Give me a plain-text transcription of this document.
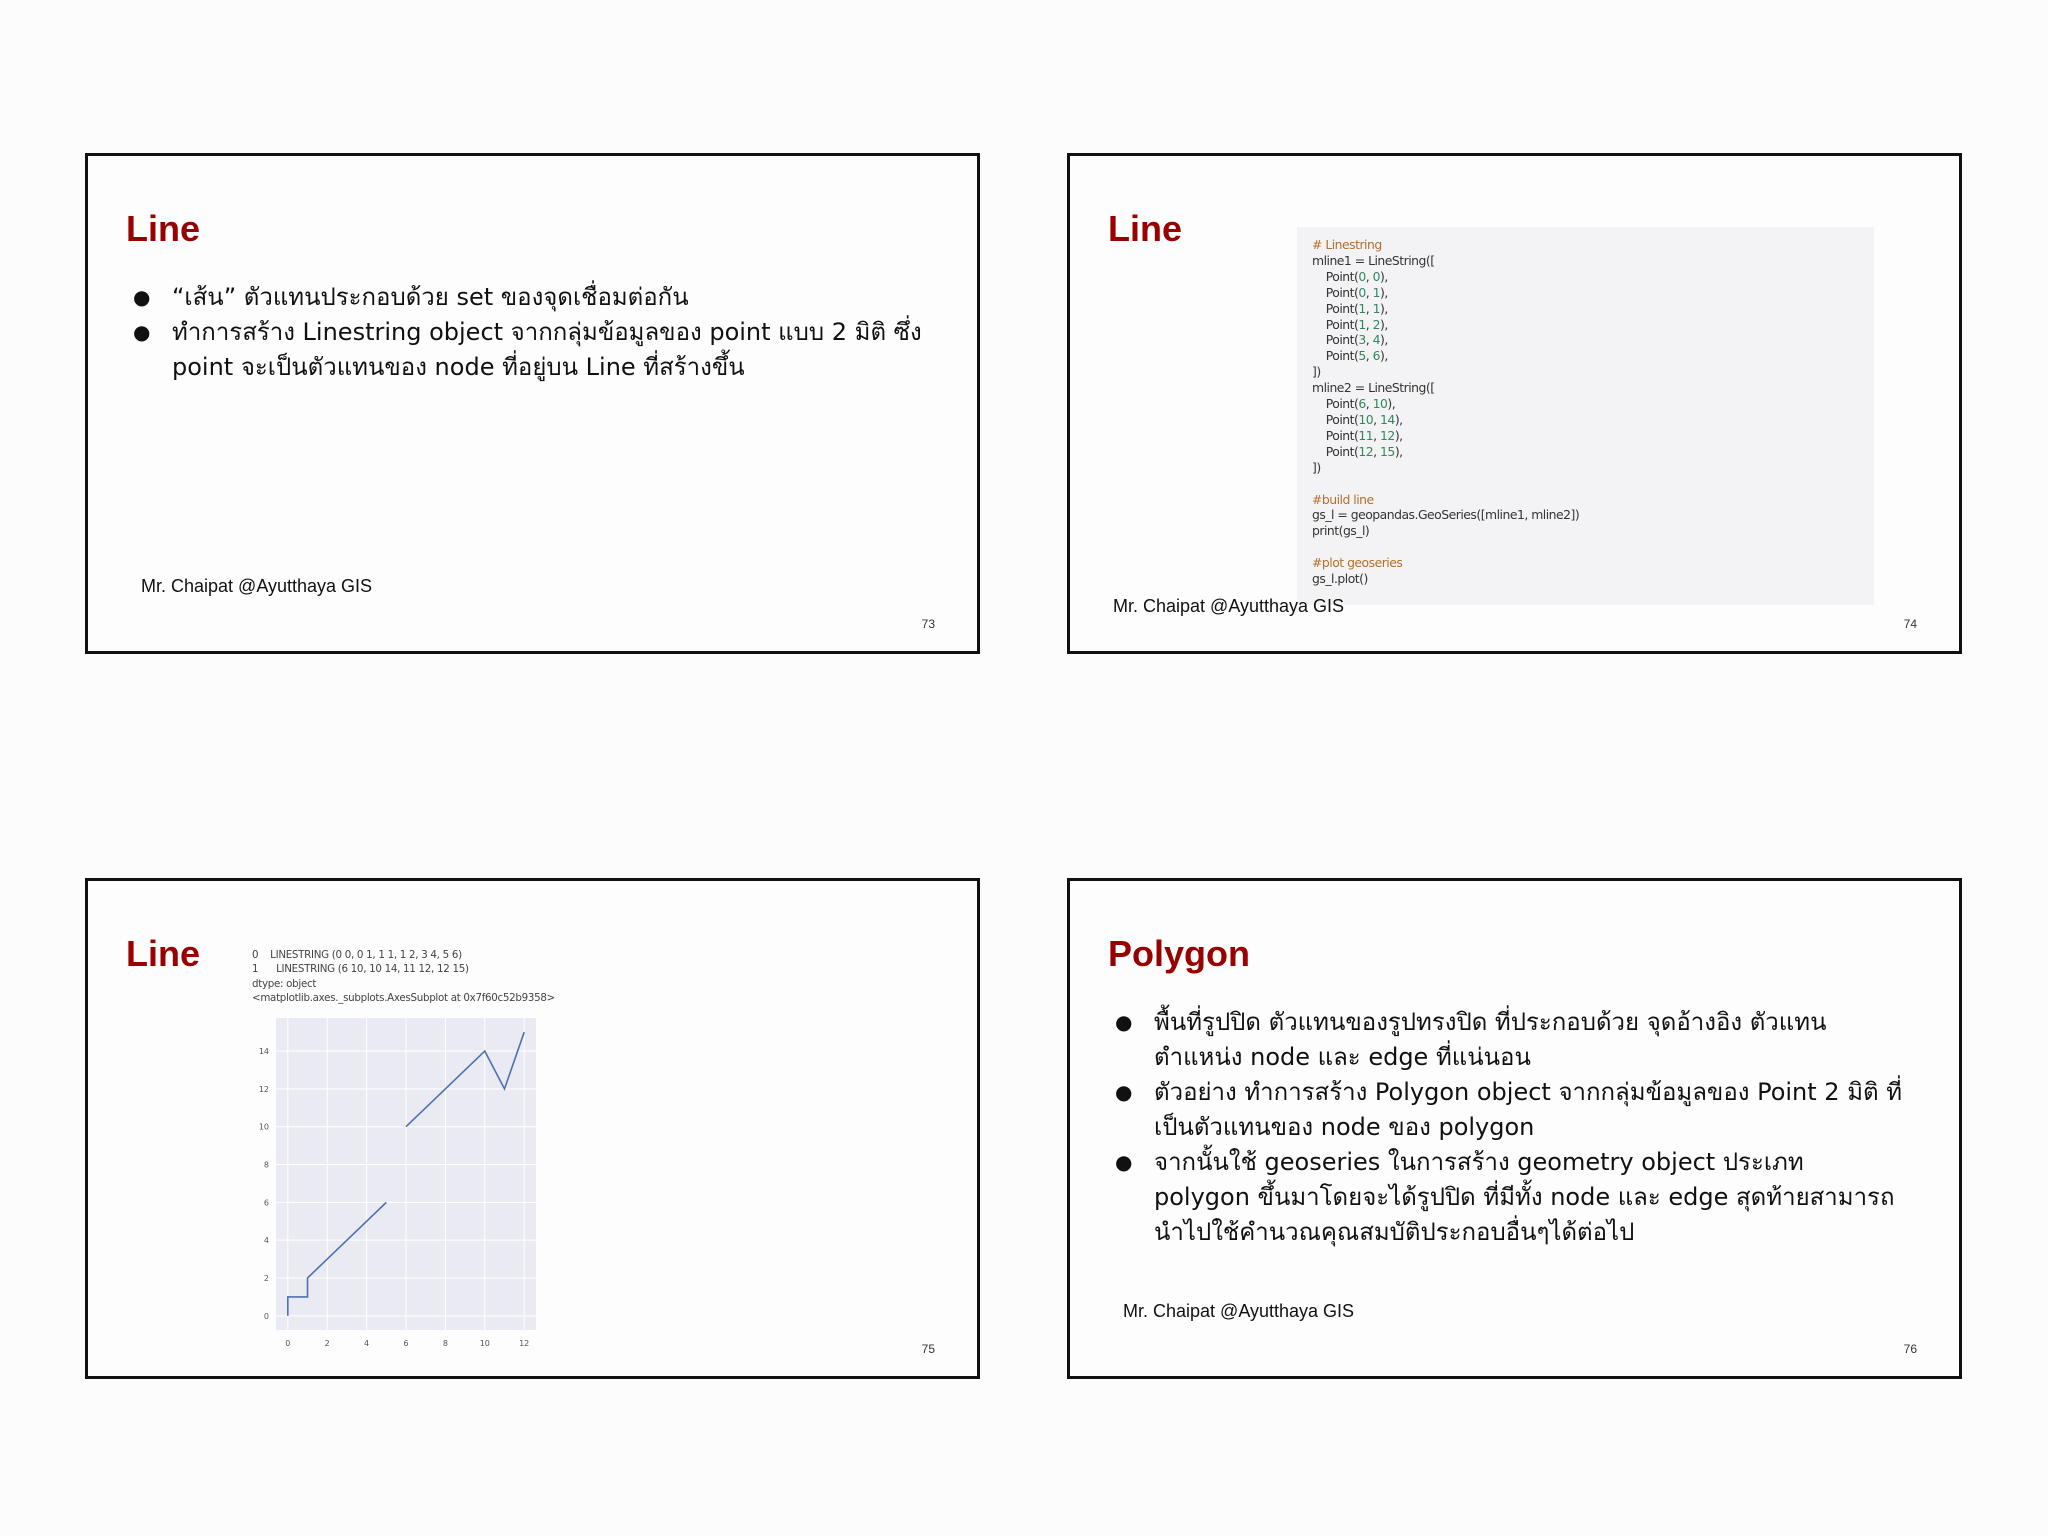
Line
● “เส้น” ตัวแทนประกอบด้วย set ของจุดเชื่อมต่อกัน
● ทำการสร้าง Linestring object จากกลุ่มข้อมูลของ point แบบ 2 มิติ ซึ่ง point จะเป็นตัวแทนของ node ที่อยู่บน Line ที่สร้างขึ้น
Mr. Chaipat @Ayutthaya GIS
73
Line	# Linestring
mline1 = LineString([
Point(0, 0),
Point(0, 1),
Point(1, 1),
Point(1, 2),
Point(3, 4),
Point(5, 6),
])
mline2 = LineString([
Point(6, 10),
Point(10, 14),
Point(11, 12),
Point(12, 15),
])

#build line
gs_l = geopandas.GeoSeries([mline1, mline2])
print(gs_l)

#plot geoseries
gs_l.plot()
Mr. Chaipat @Ayutthaya GIS
74
Line	0    LINESTRING (0 0, 0 1, 1 1, 1 2, 3 4, 5 6)
1      LINESTRING (6 10, 10 14, 11 12, 12 15)
dtype: object
<matplotlib.axes._subplots.AxesSubplot at 0x7f60c52b9358>
0	2	4	6	8	10	12
0
2
4
6
8
10
12
14
75
Polygon
● พื้นที่รูปปิด ตัวแทนของรูปทรงปิด ที่ประกอบด้วย จุดอ้างอิง ตัวแทน ตำแหน่ง node และ edge ที่แน่นอน
● ตัวอย่าง ทำการสร้าง Polygon object จากกลุ่มข้อมูลของ Point 2 มิติ ที่เป็นตัวแทนของ node ของ polygon
● จากนั้นใช้ geoseries ในการสร้าง geometry object ประเภท polygon ขึ้นมาโดยจะได้รูปปิด ที่มีทั้ง node และ edge สุดท้ายสามารถ นำไปใช้คำนวณคุณสมบัติประกอบอื่นๆได้ต่อไป
Mr. Chaipat @Ayutthaya GIS
76
